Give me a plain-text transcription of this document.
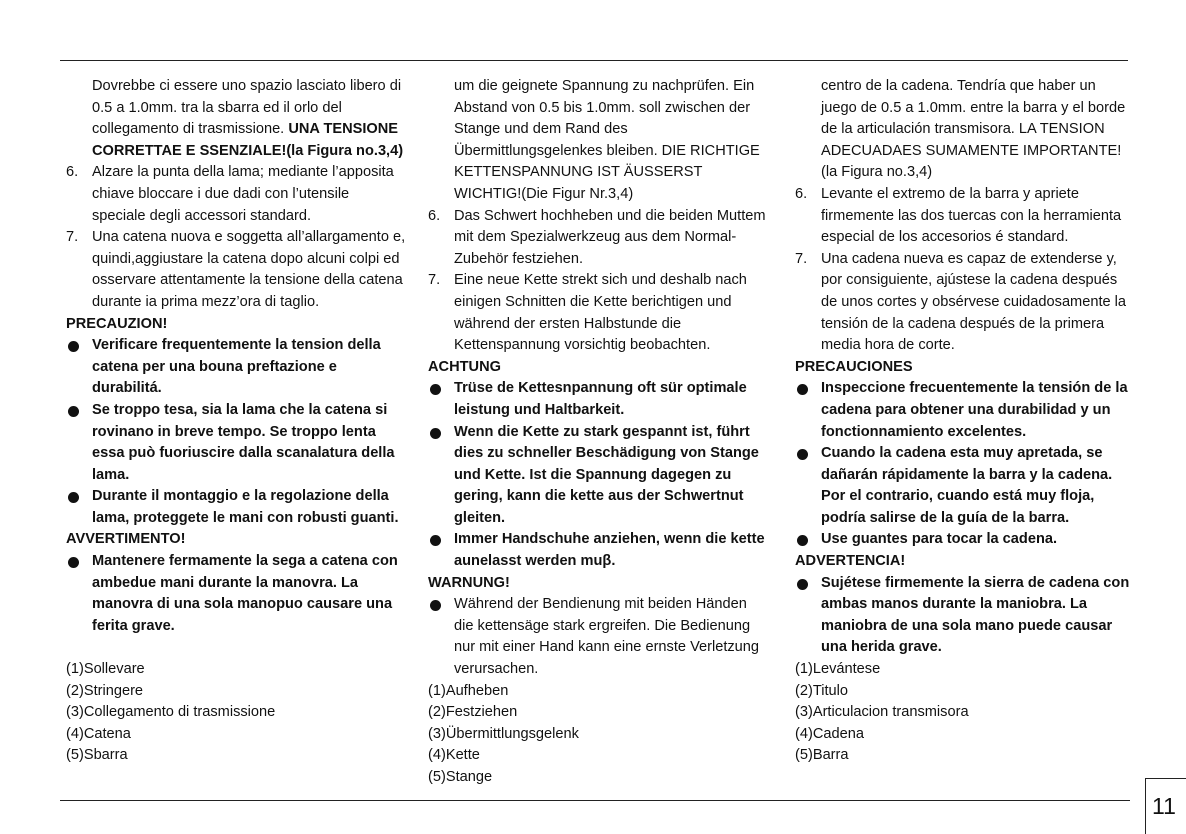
Dovrebbe ci essere uno spazio lasciato libero di 0.5 a 1.0mm. tra la sbarra ed il orlo del collegamento di trasmissione. UNA TENSIONE CORRETTAE E SSENZIALE!(la Figura no.3,4)

6. Alzare la punta della lama; mediante l’apposita chiave bloccare i due dadi con l’utensile speciale degli accessori standard.
7. Una catena nuova e soggetta all’allargamento e, quindi,aggiustare la catena dopo alcuni colpi ed osservare attentamente la tensione della catena durante ia prima mezz’ora di taglio.
PRECAUZION!
Verificare frequentemente la tension della catena per una bouna preftazione e durabilitá.
Se troppo tesa, sia la lama che la catena si rovinano in breve tempo. Se troppo lenta essa può fuoriuscire dalla scanalatura della lama.
Durante il montaggio e la regolazione della lama, proteggete le mani con robusti guanti.
AVVERTIMENTO!
Mantenere fermamente la sega a catena con ambedue mani durante la manovra. La manovra di una sola manopuo causare una ferita grave.
(1)Sollevare
(2)Stringere
(3)Collegamento di trasmissione
(4)Catena
(5)Sbarra

um die geignete Spannung zu nachprüfen. Ein Abstand von 0.5 bis 1.0mm. soll zwischen der Stange und dem Rand des Übermittlungsgelenkes bleiben. DIE RICHTIGE KETTENSPANNUNG IST ÄUSSERST WICHTIG!(Die Figur Nr.3,4)

6. Das Schwert hochheben und die beiden Muttem mit dem Spezialwerkzeug aus dem Normal-Zubehör festziehen.
7. Eine neue Kette strekt sich und deshalb nach einigen Schnitten die Kette berichtigen und während der ersten Halbstunde die Kettenspannung vorsichtig beobachten.
ACHTUNG
Trüse de Kettesnpannung oft sür optimale leistung und Haltbarkeit.
Wenn die Kette zu stark gespannt ist, führt dies zu schneller Beschädigung von Stange und Kette. Ist die Spannung dagegen zu gering, kann die kette aus der Schwertnut gleiten.
Immer Handschuhe anziehen, wenn die kette aunelasst werden muβ.
WARNUNG!
Während der Bendienung mit beiden Händen die kettensäge stark ergreifen. Die Bedienung nur mit einer Hand kann eine ernste Verletzung verursachen.
(1)Aufheben
(2)Festziehen
(3)Übermittlungsgelenk
(4)Kette
(5)Stange

centro de la cadena. Tendría que haber un juego de 0.5 a 1.0mm. entre la barra y el borde de la articulación transmisora. LA TENSION ADECUADAES SUMAMENTE IMPORTANTE! (la Figura no.3,4)

6. Levante el extremo de la barra y apriete firmemente las dos tuercas con la herramienta especial de los accesorios é standard.
7. Una cadena nueva es capaz de extenderse y, por consiguiente, ajústese la cadena después de unos cortes y obsérvese cuidadosamente la tensión de la cadena después de la primera media hora de corte.
PRECAUCIONES
Inspeccione frecuentemente la tensión de la cadena para obtener una durabilidad y un fonctionnamiento excelentes.
Cuando la cadena esta muy apretada, se dañarán rápidamente la barra y la cadena. Por el contrario, cuando está muy floja, podría salirse de la guía de la barra.
Use guantes para tocar la cadena.
ADVERTENCIA!
Sujétese firmemente la sierra de cadena con ambas manos durante la maniobra. La maniobra de una sola mano puede causar una herida grave.
(1)Levántese
(2)Titulo
(3)Articulacion transmisora
(4)Cadena
(5)Barra
11
